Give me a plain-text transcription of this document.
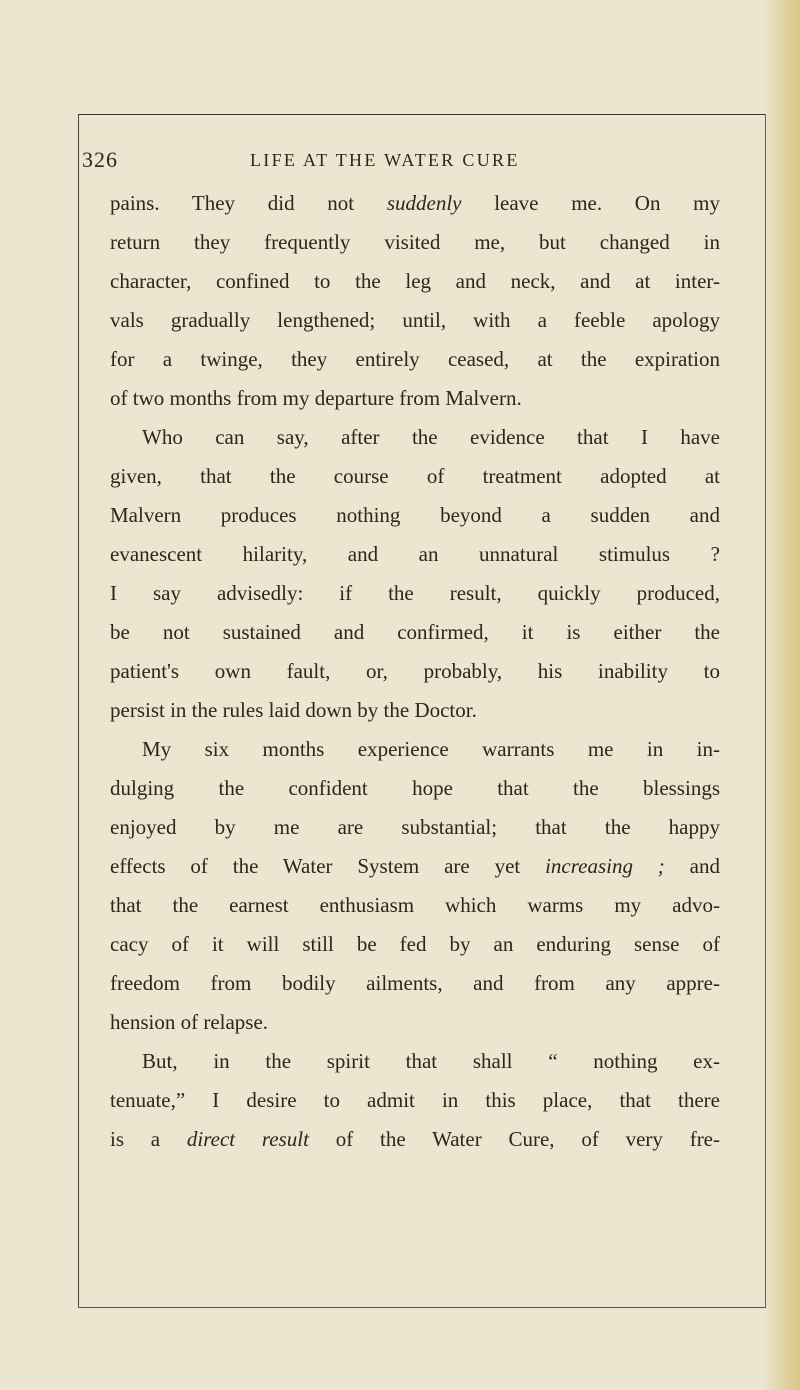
326	LIFE AT THE WATER CURE
pains. They did not suddenly leave me. On my
return they frequently visited me, but changed in
character, confined to the leg and neck, and at inter-
vals gradually lengthened; until, with a feeble apology
for a twinge, they entirely ceased, at the expiration
of two months from my departure from Malvern.
Who can say, after the evidence that I have
given, that the course of treatment adopted at
Malvern produces nothing beyond a sudden and
evanescent hilarity, and an unnatural stimulus ?
I say advisedly: if the result, quickly produced,
be not sustained and confirmed, it is either the
patient's own fault, or, probably, his inability to
persist in the rules laid down by the Doctor.
My six months experience warrants me in in-
dulging the confident hope that the blessings
enjoyed by me are substantial; that the happy
effects of the Water System are yet increasing ; and
that the earnest enthusiasm which warms my advo-
cacy of it will still be fed by an enduring sense of
freedom from bodily ailments, and from any appre-
hension of relapse.
But, in the spirit that shall “ nothing ex-
tenuate,” I desire to admit in this place, that there
is a direct result of the Water Cure, of very fre-
